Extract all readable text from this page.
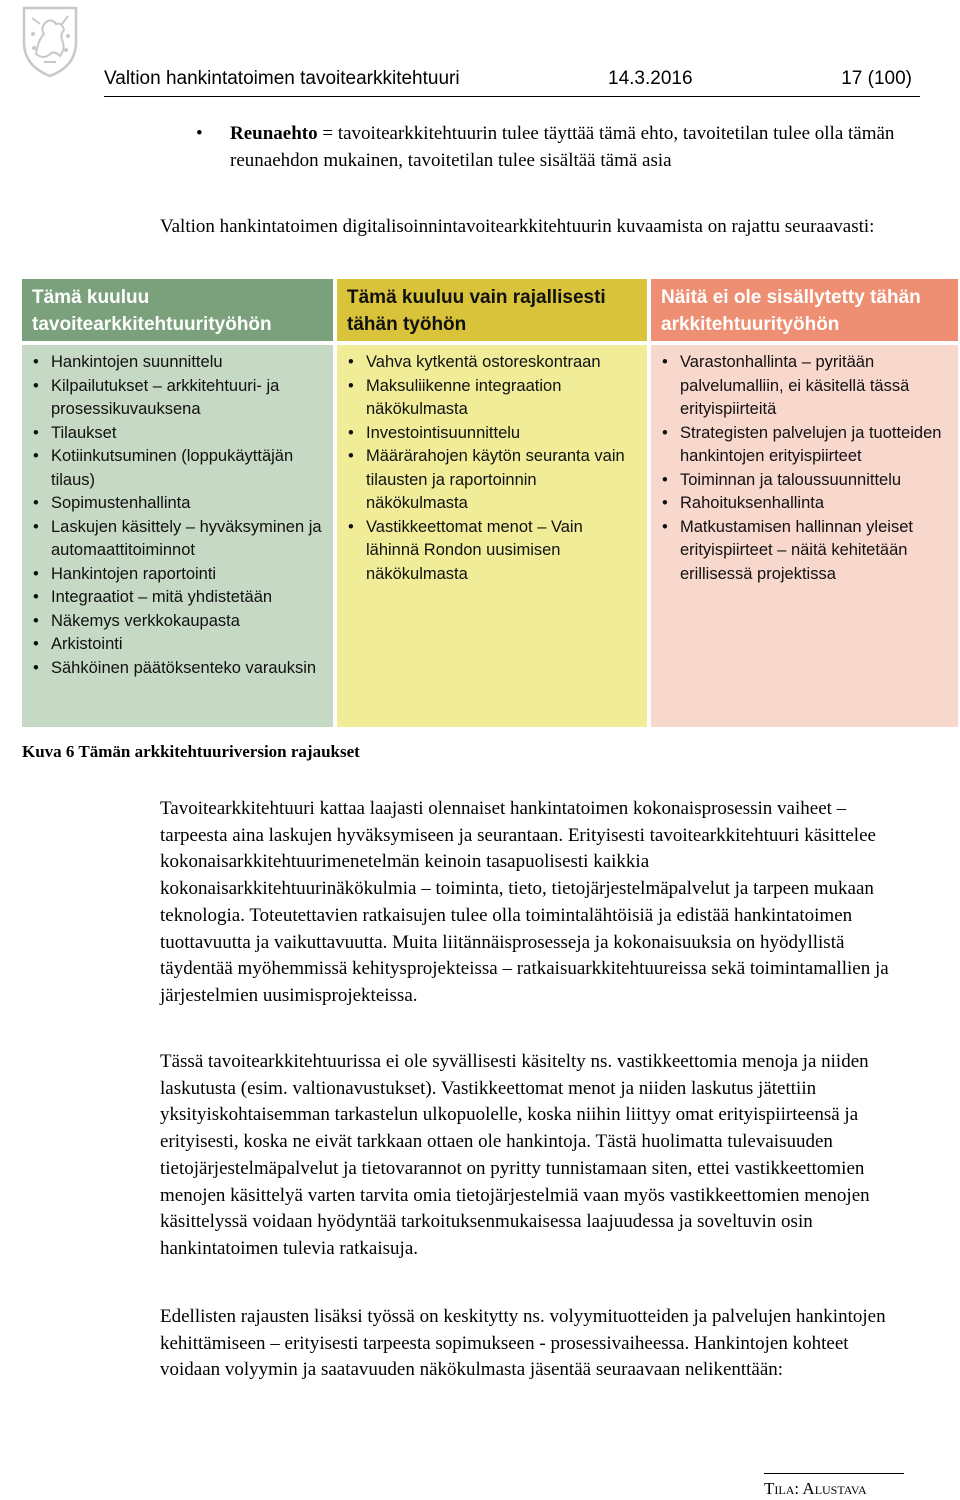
Valtion hankintatoimen tavoitearkkitehtuuri	14.3.2016	17 (100)
•	Reunaehto = tavoitearkkitehtuurin tulee täyttää tämä ehto, tavoitetilan tulee olla tämän reunaehdon mukainen, tavoitetilan tulee sisältää tämä asia
Valtion hankintatoimen digitalisoinnintavoitearkkitehtuurin kuvaamista on rajattu seuraavasti:
Tämä kuuluu tavoitearkkitehtuurityöhön
• Hankintojen suunnittelu
• Kilpailutukset – arkkitehtuuri- ja prosessikuvauksena
• Tilaukset
• Kotiinkutsuminen (loppukäyttäjän tilaus)
• Sopimustenhallinta
• Laskujen käsittely – hyväksyminen ja automaattitoiminnot
• Hankintojen raportointi
• Integraatiot – mitä yhdistetään
• Näkemys verkkokaupasta
• Arkistointi
• Sähköinen päätöksenteko varauksin
Tämä kuuluu vain rajallisesti tähän työhön
• Vahva kytkentä ostoreskontraan
• Maksuliikenne integraation näkökulmasta
• Investointisuunnittelu
• Määrärahojen käytön seuranta vain tilausten ja raportoinnin näkökulmasta
• Vastikkeettomat menot – Vain lähinnä Rondon uusimisen näkökulmasta
Näitä ei ole sisällytetty tähän arkkitehtuurityöhön
• Varastonhallinta – pyritään palvelumalliin, ei käsitellä tässä erityispiirteitä
• Strategisten palvelujen ja tuotteiden hankintojen erityispiirteet
• Toiminnan ja taloussuunnittelu
• Rahoituksenhallinta
• Matkustamisen hallinnan yleiset erityispiirteet – näitä kehitetään erillisessä projektissa
Kuva 6 Tämän arkkitehtuuriversion rajaukset
Tavoitearkkitehtuuri kattaa laajasti olennaiset hankintatoimen kokonaisprosessin vaiheet – tarpeesta aina laskujen hyväksymiseen ja seurantaan. Erityisesti tavoitearkkitehtuuri käsittelee kokonaisarkkitehtuurimenetelmän keinoin tasapuolisesti kaikkia kokonaisarkkitehtuurinäkökulmia – toiminta, tieto, tietojärjestelmäpalvelut ja tarpeen mukaan teknologia. Toteutettavien ratkaisujen tulee olla toimintalähtöisiä ja edistää hankintatoimen tuottavuutta ja vaikuttavuutta. Muita liitännäisprosesseja ja kokonaisuuksia on hyödyllistä täydentää myöhemmissä kehitysprojekteissa – ratkaisuarkkitehtuureissa sekä toimintamallien ja järjestelmien uusimisprojekteissa.
Tässä tavoitearkkitehtuurissa ei ole syvällisesti käsitelty ns. vastikkeettomia menoja ja niiden laskutusta (esim. valtionavustukset). Vastikkeettomat menot ja niiden laskutus jätettiin yksityiskohtaisemman tarkastelun ulkopuolelle, koska niihin liittyy omat erityispiirteensä ja erityisesti, koska ne eivät tarkkaan ottaen ole hankintoja. Tästä huolimatta tulevaisuuden tietojärjestelmäpalvelut ja tietovarannot on pyritty tunnistamaan siten, ettei vastikkeettomien menojen käsittelyä varten tarvita omia tietojärjestelmiä vaan myös vastikkeettomien menojen käsittelyssä voidaan hyödyntää tarkoituksenmukaisessa laajuudessa ja soveltuvin osin hankintatoimen tulevia ratkaisuja.
Edellisten rajausten lisäksi työssä on keskitytty ns. volyymituotteiden ja palvelujen hankintojen kehittämiseen – erityisesti tarpeesta sopimukseen - prosessivaiheessa. Hankintojen kohteet voidaan volyymin ja saatavuuden näkökulmasta jäsentää seuraavaan nelikenttään:
Tila: Alustava
